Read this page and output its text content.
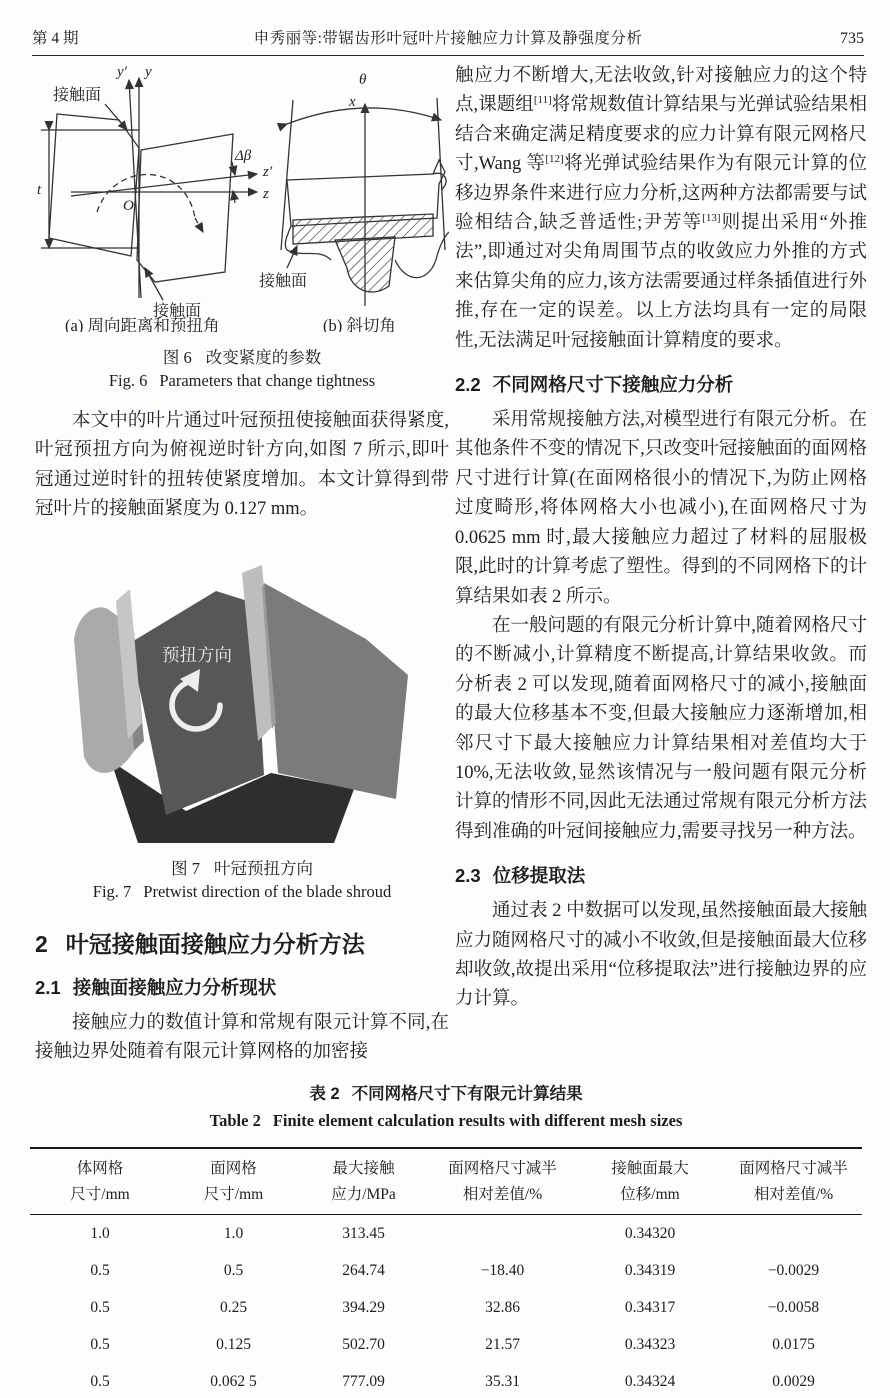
第 4 期	申秀丽等:带锯齿形叶冠叶片接触应力计算及静强度分析	735
t
y′ y
z′
z
O
Δβ
接触面
接触面
(a) 周向距离和预扭角
θ
x
接触面
(b) 斜切角
图 6 改变紧度的参数
Fig. 6 Parameters that change tightness

本文中的叶片通过叶冠预扭使接触面获得紧度,叶冠预扭方向为俯视逆时针方向,如图 7 所示,即叶冠通过逆时针的扭转使紧度增加。本文计算得到带冠叶片的接触面紧度为 0.127 mm。

预扭方向
图 7 叶冠预扭方向
Fig. 7 Pretwist direction of the blade shroud
2 叶冠接触面接触应力分析方法
2.1 接触面接触应力分析现状

接触应力的数值计算和常规有限元计算不同,在接触边界处随着有限元计算网格的加密接

触应力不断增大,无法收敛,针对接触应力的这个特点,课题组[11]将常规数值计算结果与光弹试验结果相结合来确定满足精度要求的应力计算有限元网格尺寸,Wang 等[12]将光弹试验结果作为有限元计算的位移边界条件来进行应力分析,这两种方法都需要与试验相结合,缺乏普适性;尹芳等[13]则提出采用“外推法”,即通过对尖角周围节点的收敛应力外推的方式来估算尖角的应力,该方法需要通过样条插值进行外推,存在一定的误差。以上方法均具有一定的局限性,无法满足叶冠接触面计算精度的要求。

2.2 不同网格尺寸下接触应力分析

采用常规接触方法,对模型进行有限元分析。在其他条件不变的情况下,只改变叶冠接触面的面网格尺寸进行计算(在面网格很小的情况下,为防止网格过度畸形,将体网格大小也减小),在面网格尺寸为 0.0625 mm 时,最大接触应力超过了材料的屈服极限,此时的计算考虑了塑性。得到的不同网格下的计算结果如表 2 所示。

在一般问题的有限元分析计算中,随着网格尺寸的不断减小,计算精度不断提高,计算结果收敛。而分析表 2 可以发现,随着面网格尺寸的减小,接触面的最大位移基本不变,但最大接触应力逐渐增加,相邻尺寸下最大接触应力计算结果相对差值均大于 10%,无法收敛,显然该情况与一般问题有限元分析计算的情形不同,因此无法通过常规有限元分析方法得到准确的叶冠间接触应力,需要寻找另一种方法。

2.3 位移提取法

通过表 2 中数据可以发现,虽然接触面最大接触应力随网格尺寸的减小不收敛,但是接触面最大位移却收敛,故提出采用“位移提取法”进行接触边界的应力计算。

表 2 不同网格尺寸下有限元计算结果
Table 2 Finite element calculation results with different mesh sizes
体网格
尺寸/mm

面网格
尺寸/mm

最大接触
应力/MPa

面网格尺寸减半
相对差值/%

接触面最大
位移/mm

面网格尺寸减半
相对差值/%

1.0	1.0	313.45		0.34320	
0.5	0.5	264.74	−18.40	0.34319	−0.0029
0.5	0.25	394.29	32.86	0.34317	−0.0058
0.5	0.125	502.70	21.57	0.34323	0.0175
0.5	0.062 5	777.09	35.31	0.34324	0.0029
